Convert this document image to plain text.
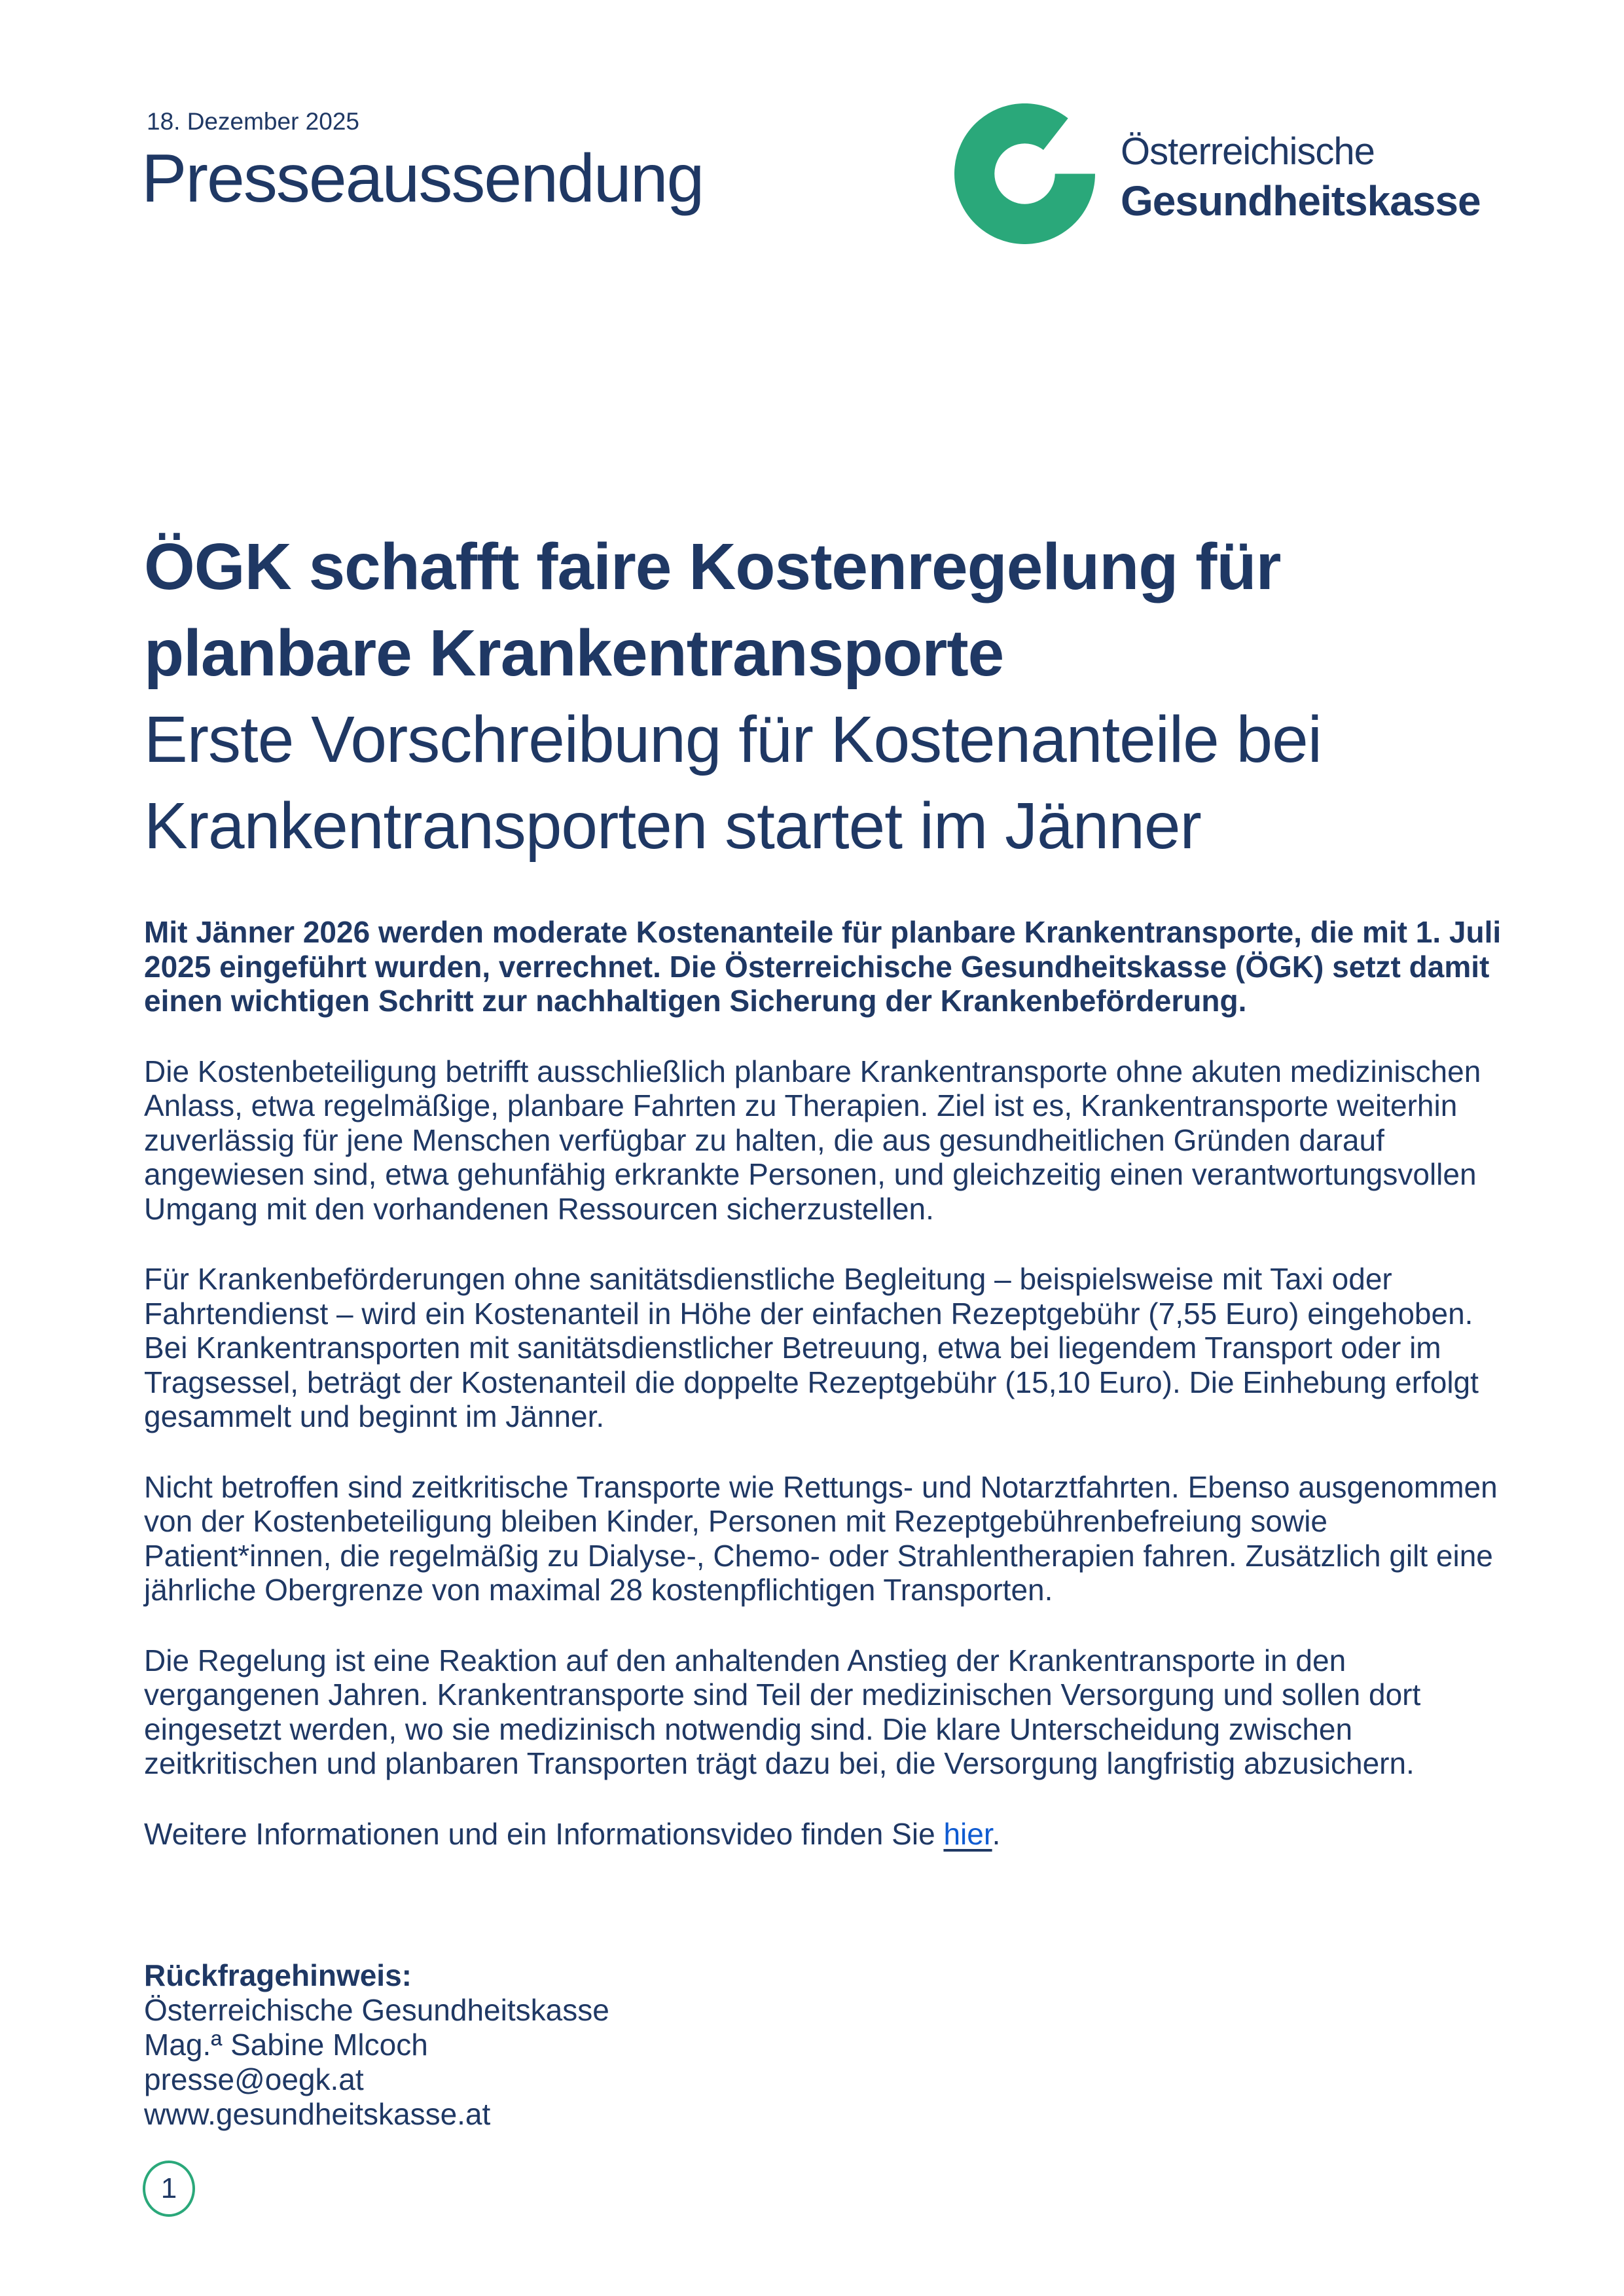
18. Dezember 2025
Presseaussendung	Österreichische
Gesundheitskasse
ÖGK schafft faire Kostenregelung für planbare Krankentransporte
Erste Vorschreibung für Kostenanteile bei Krankentransporten startet im Jänner

Mit Jänner 2026 werden moderate Kostenanteile für planbare Krankentransporte, die mit 1. Juli 2025 eingeführt wurden, verrechnet. Die Österreichische Gesundheitskasse (ÖGK) setzt damit einen wichtigen Schritt zur nachhaltigen Sicherung der Krankenbeförderung.

Die Kostenbeteiligung betrifft ausschließlich planbare Krankentransporte ohne akuten medizinischen Anlass, etwa regelmäßige, planbare Fahrten zu Therapien. Ziel ist es, Krankentransporte weiterhin zuverlässig für jene Menschen verfügbar zu halten, die aus gesundheitlichen Gründen darauf angewiesen sind, etwa gehunfähig erkrankte Personen, und gleichzeitig einen verantwortungsvollen Umgang mit den vorhandenen Ressourcen sicherzustellen.

Für Krankenbeförderungen ohne sanitätsdienstliche Begleitung – beispielsweise mit Taxi oder Fahrtendienst – wird ein Kostenanteil in Höhe der einfachen Rezeptgebühr (7,55 Euro) eingehoben. Bei Krankentransporten mit sanitätsdienstlicher Betreuung, etwa bei liegendem Transport oder im Tragsessel, beträgt der Kostenanteil die doppelte Rezeptgebühr (15,10 Euro). Die Einhebung erfolgt gesammelt und beginnt im Jänner.

Nicht betroffen sind zeitkritische Transporte wie Rettungs- und Notarztfahrten. Ebenso ausgenommen von der Kostenbeteiligung bleiben Kinder, Personen mit Rezeptgebührenbefreiung sowie Patient*innen, die regelmäßig zu Dialyse-, Chemo- oder Strahlentherapien fahren. Zusätzlich gilt eine jährliche Obergrenze von maximal 28 kostenpflichtigen Transporten.

Die Regelung ist eine Reaktion auf den anhaltenden Anstieg der Krankentransporte in den vergangenen Jahren. Krankentransporte sind Teil der medizinischen Versorgung und sollen dort eingesetzt werden, wo sie medizinisch notwendig sind. Die klare Unterscheidung zwischen zeitkritischen und planbaren Transporten trägt dazu bei, die Versorgung langfristig abzusichern.

Weitere Informationen und ein Informationsvideo finden Sie hier.

Rückfragehinweis:
Österreichische Gesundheitskasse
Mag.ª Sabine Mlcoch
presse@oegk.at
www.gesundheitskasse.at
1
